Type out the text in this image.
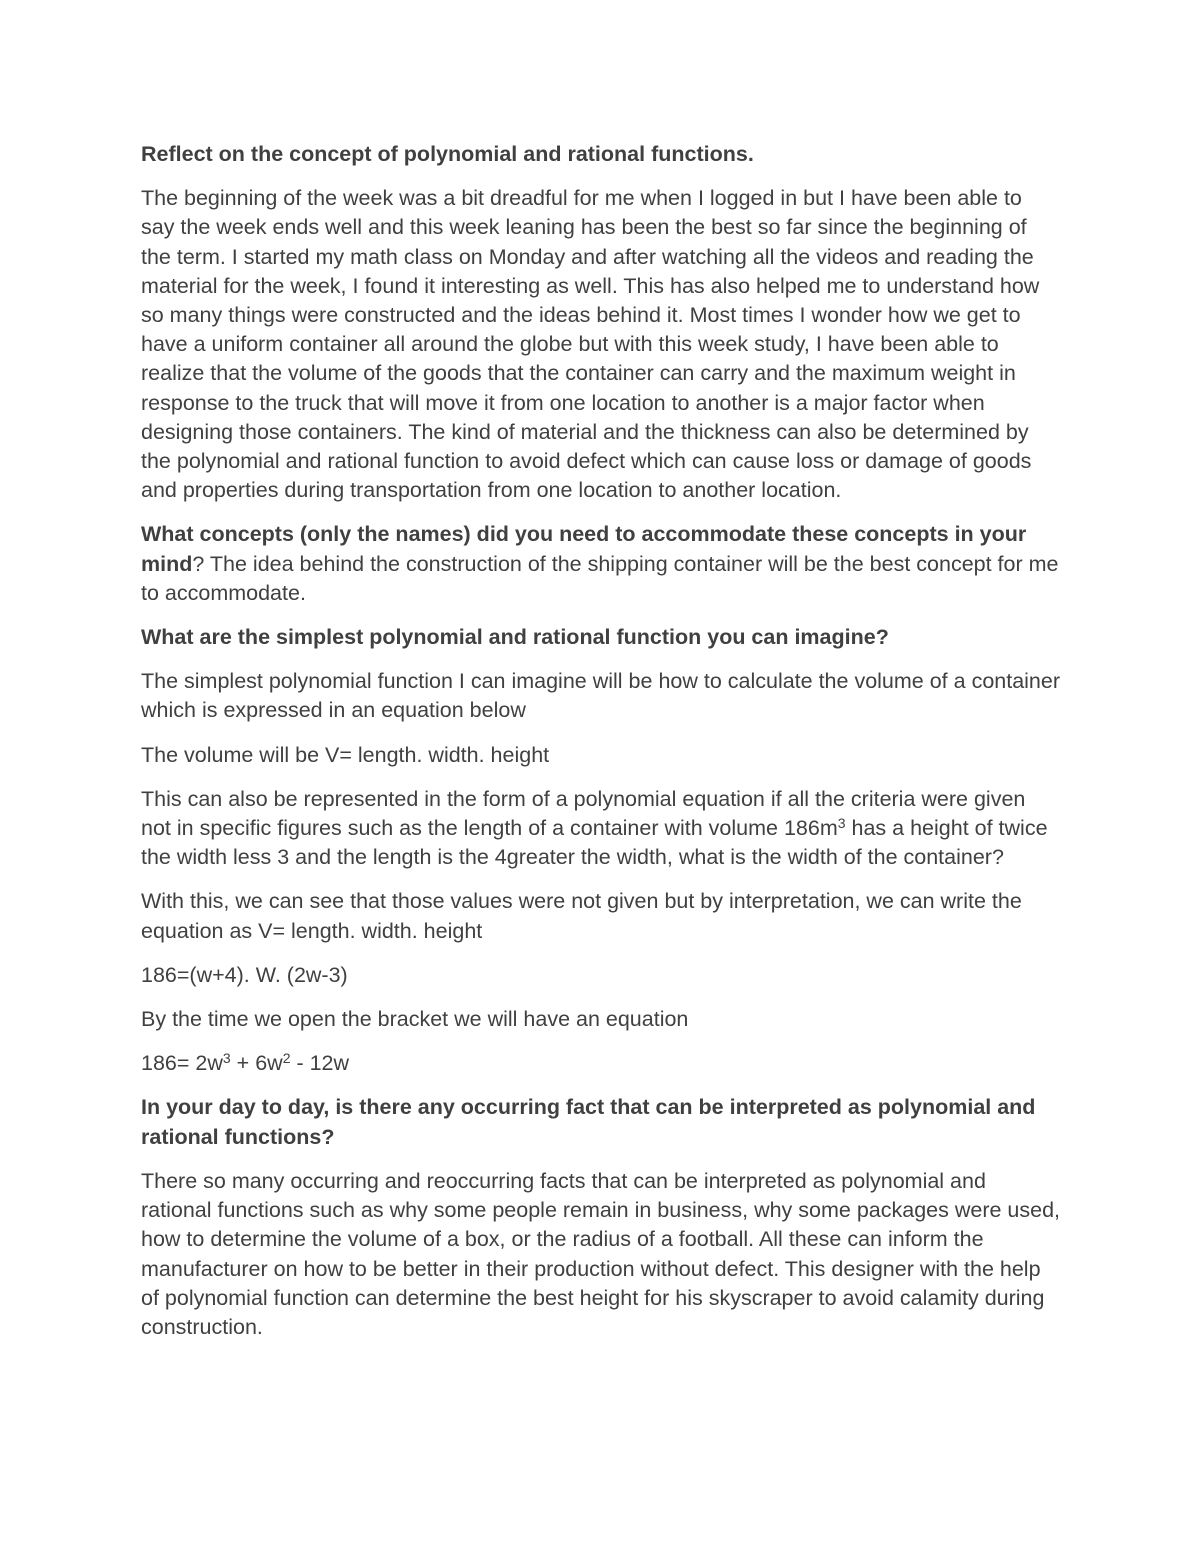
Reflect on the concept of polynomial and rational functions.

The beginning of the week was a bit dreadful for me when I logged in but I have been able to say the week ends well and this week leaning has been the best so far since the beginning of the term. I started my math class on Monday and after watching all the videos and reading the material for the week, I found it interesting as well. This has also helped me to understand how so many things were constructed and the ideas behind it. Most times I wonder how we get to have a uniform container all around the globe but with this week study, I have been able to realize that the volume of the goods that the container can carry and the maximum weight in response to the truck that will move it from one location to another is a major factor when designing those containers. The kind of material and the thickness can also be determined by the polynomial and rational function to avoid defect which can cause loss or damage of goods and properties during transportation from one location to another location.

What concepts (only the names) did you need to accommodate these concepts in your mind? The idea behind the construction of the shipping container will be the best concept for me to accommodate.

What are the simplest polynomial and rational function you can imagine?

The simplest polynomial function I can imagine will be how to calculate the volume of a container which is expressed in an equation below

The volume will be V= length. width. height

This can also be represented in the form of a polynomial equation if all the criteria were given not in specific figures such as the length of a container with volume $186m^3$ has a height of twice the width less 3 and the length is the 4greater the width, what is the width of the container?

With this, we can see that those values were not given but by interpretation, we can write the equation as V= length. width. height

186=(w+4). W. (2w-3)

By the time we open the bracket we will have an equation

$186= 2w^3 + 6w^2 - 12w$

In your day to day, is there any occurring fact that can be interpreted as polynomial and rational functions?

There so many occurring and reoccurring facts that can be interpreted as polynomial and rational functions such as why some people remain in business, why some packages were used, how to determine the volume of a box, or the radius of a football. All these can inform the manufacturer on how to be better in their production without defect. This designer with the help of polynomial function can determine the best height for his skyscraper to avoid calamity during construction.
